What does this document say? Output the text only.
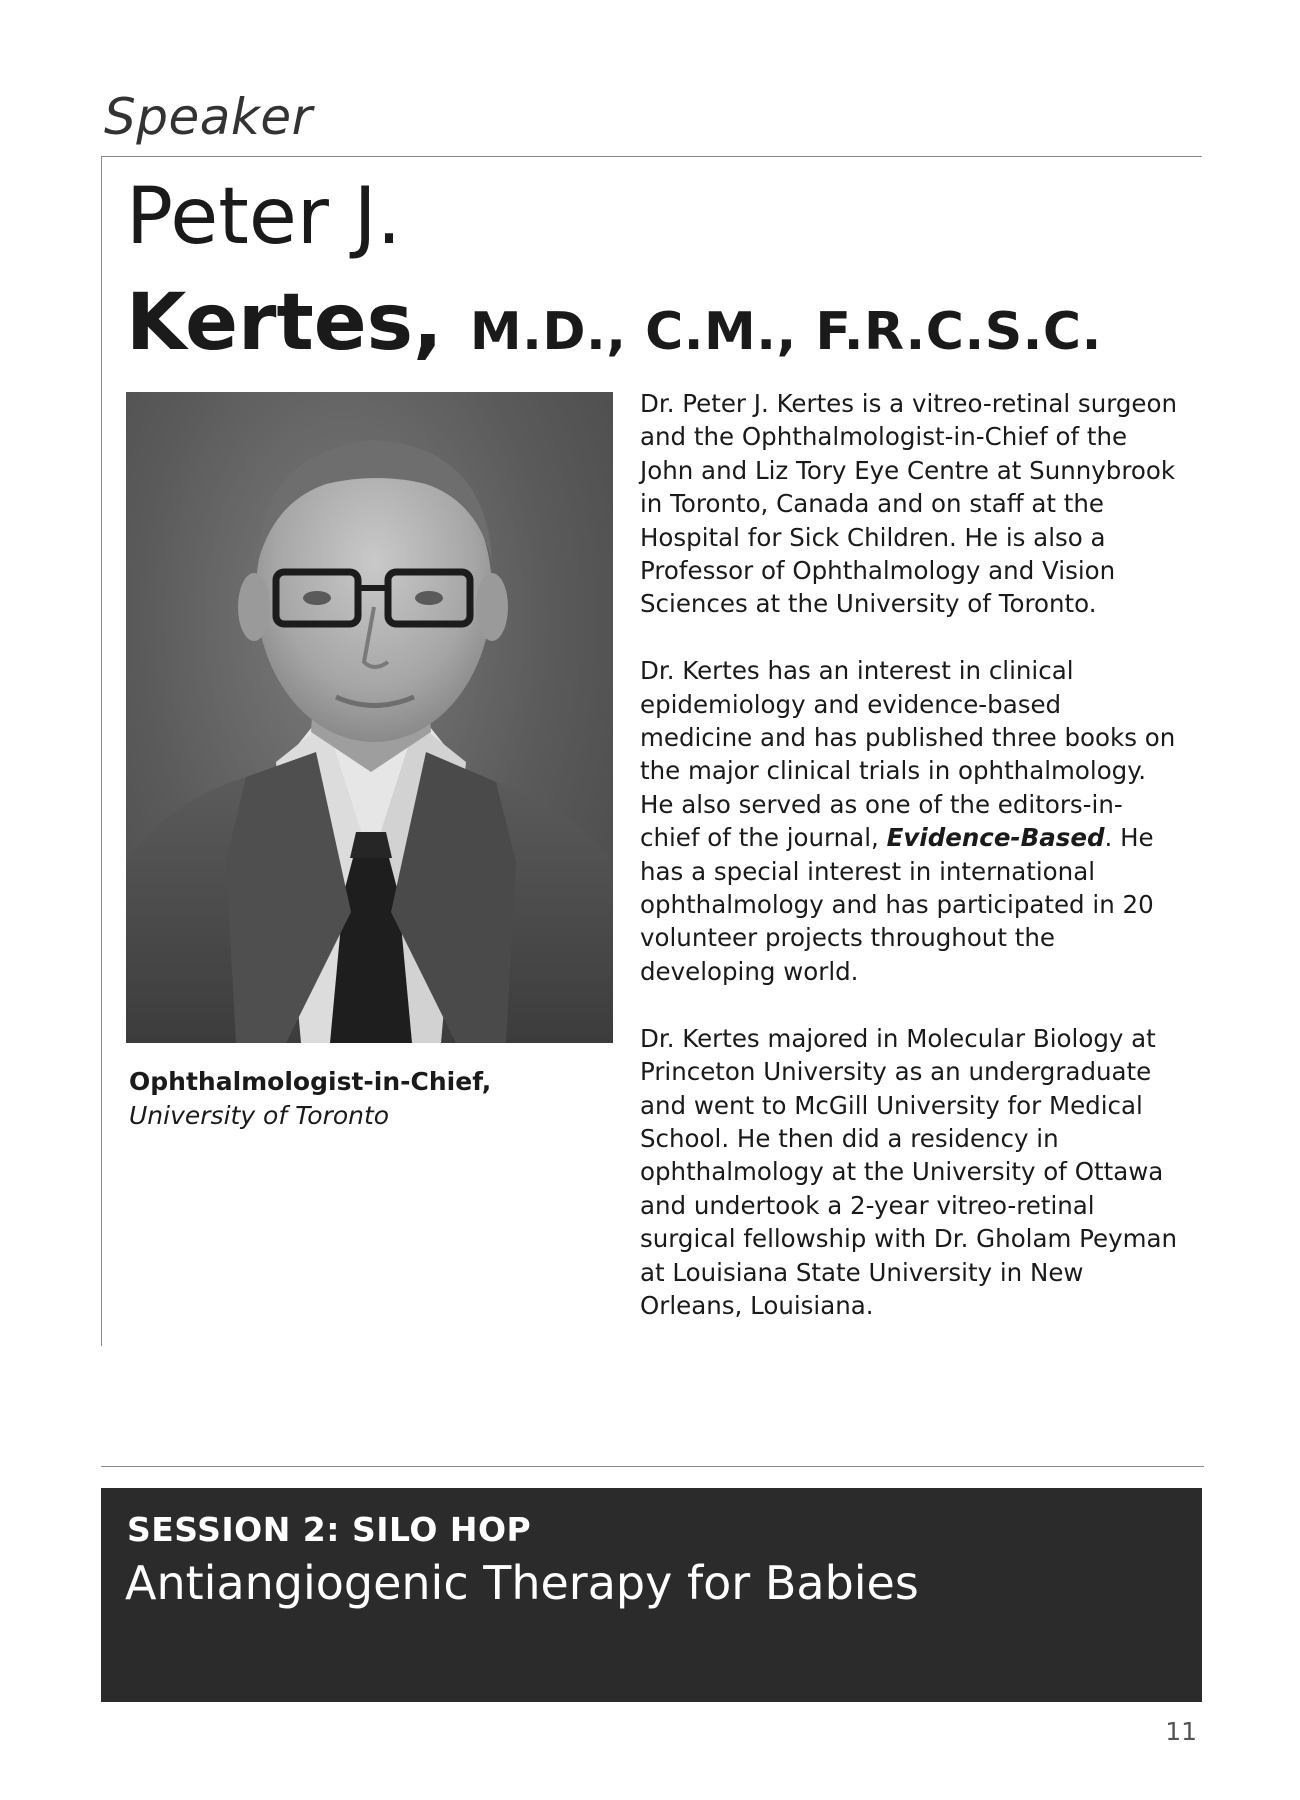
Speaker
Peter J.
Kertes, M.D., C.M., F.R.C.S.C.
Ophthalmologist-in-Chief,
University of Toronto

Dr. Peter J. Kertes is a vitreo-retinal surgeon and the Ophthalmologist-in-Chief of the John and Liz Tory Eye Centre at Sunnybrook in Toronto, Canada and on staff at the Hospital for Sick Children. He is also a Professor of Ophthalmology and Vision Sciences at the University of Toronto.

Dr. Kertes has an interest in clinical epidemiology and evidence-based medicine and has published three books on the major clinical trials in ophthalmology. He also served as one of the editors-in-chief of the journal, Evidence-Based. He has a special interest in international ophthalmology and has participated in 20 volunteer projects throughout the developing world.

Dr. Kertes majored in Molecular Biology at Princeton University as an undergraduate and went to McGill University for Medical School. He then did a residency in ophthalmology at the University of Ottawa and undertook a 2-year vitreo-retinal surgical fellowship with Dr. Gholam Peyman at Louisiana State University in New Orleans, Louisiana.

SESSION 2: SILO HOP
Antiangiogenic Therapy for Babies
11
